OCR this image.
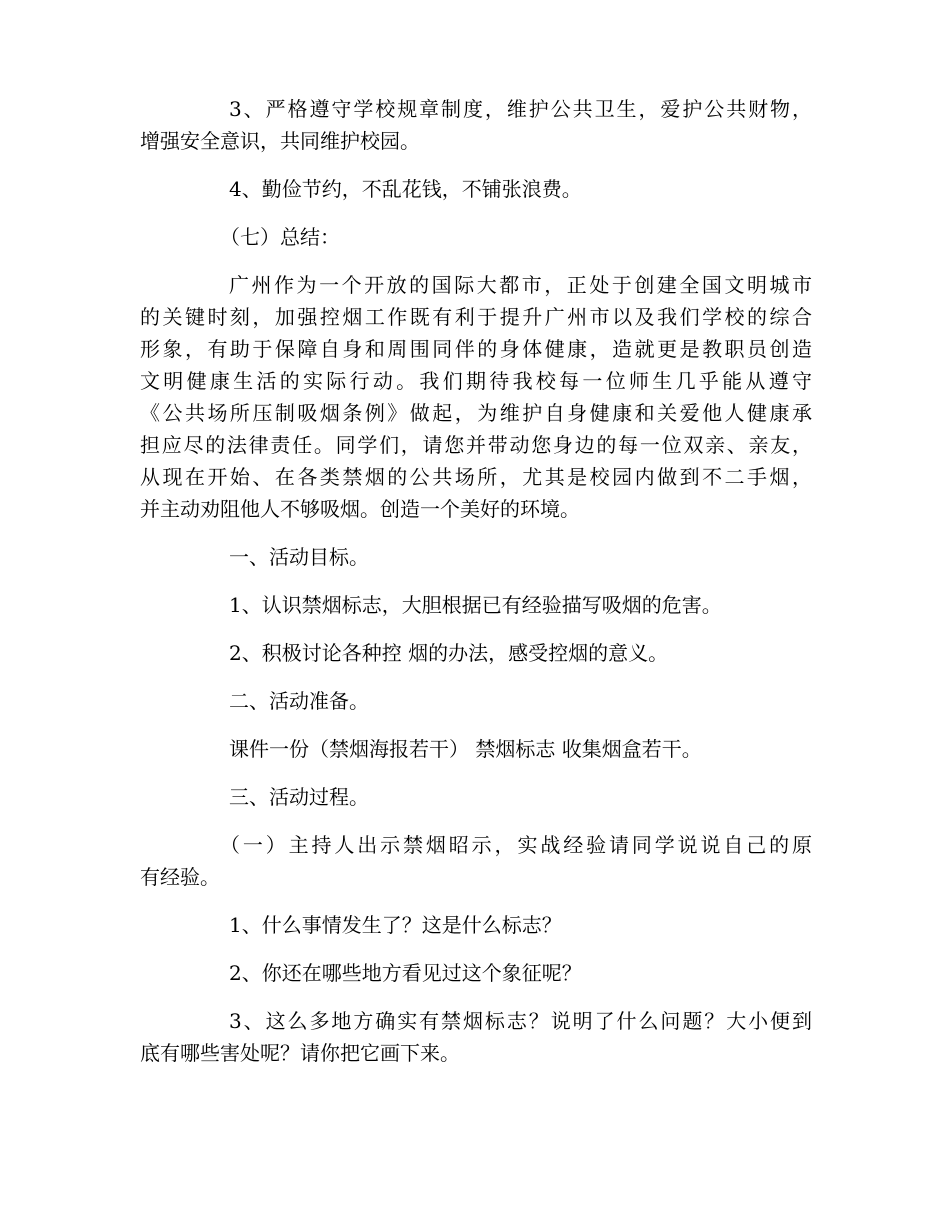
3、严格遵守学校规章制度，维护公共卫生，爱护公共财物，
增强安全意识，共同维护校园。

4、勤俭节约，不乱花钱，不铺张浪费。

（七）总结：

广州作为一个开放的国际大都市，正处于创建全国文明城市
的关键时刻，加强控烟工作既有利于提升广州市以及我们学校的综合
形象，有助于保障自身和周围同伴的身体健康，造就更是教职员创造
文明健康生活的实际行动。我们期待我校每一位师生几乎能从遵守
《公共场所压制吸烟条例》做起，为维护自身健康和关爱他人健康承
担应尽的法律责任。同学们，请您并带动您身边的每一位双亲、亲友，
从现在开始、在各类禁烟的公共场所，尤其是校园内做到不二手烟，
并主动劝阻他人不够吸烟。创造一个美好的环境。

一、活动目标。

1、认识禁烟标志，大胆根据已有经验描写吸烟的危害。

2、积极讨论各种控 烟的办法，感受控烟的意义。

二、活动准备。

课件一份（禁烟海报若干） 禁烟标志 收集烟盒若干。

三、活动过程。

（一）主持人出示禁烟昭示，实战经验请同学说说自己的原
有经验。

1、什么事情发生了？这是什么标志？

2、你还在哪些地方看见过这个象征呢？

3、这么多地方确实有禁烟标志？说明了什么问题？大小便到
底有哪些害处呢？请你把它画下来。
